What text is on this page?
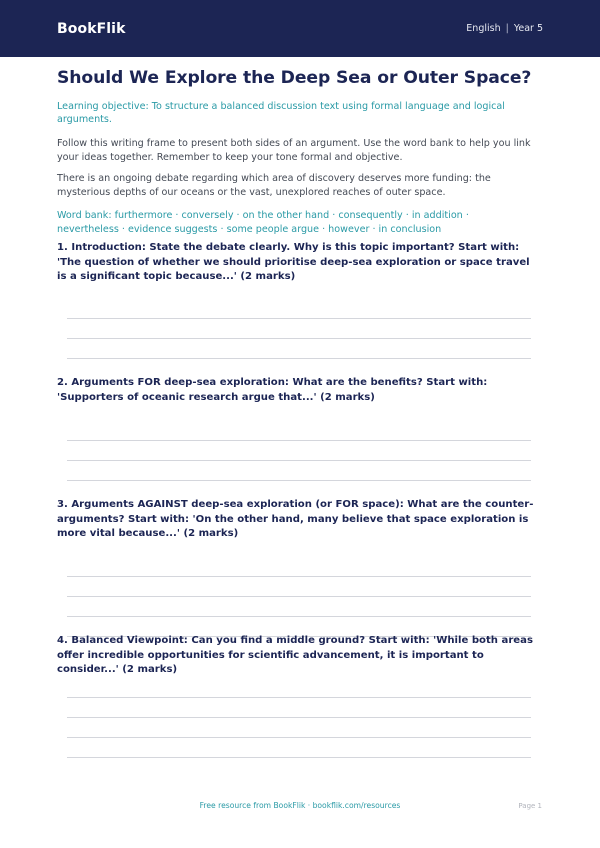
BookFlik	English | Year 5
Should We Explore the Deep Sea or Outer Space?

Learning objective: To structure a balanced discussion text using formal language and logical arguments.

Follow this writing frame to present both sides of an argument. Use the word bank to help you link your ideas together. Remember to keep your tone formal and objective.

There is an ongoing debate regarding which area of discovery deserves more funding: the mysterious depths of our oceans or the vast, unexplored reaches of outer space.

Word bank: furthermore · conversely · on the other hand · consequently · in addition · nevertheless · evidence suggests · some people argue · however · in conclusion

1. Introduction: State the debate clearly. Why is this topic important? Start with: 'The question of whether we should prioritise deep-sea exploration or space travel is a significant topic because...' (2 marks)

2. Arguments FOR deep-sea exploration: What are the benefits? Start with: 'Supporters of oceanic research argue that...' (2 marks)

3. Arguments AGAINST deep-sea exploration (or FOR space): What are the counter-arguments? Start with: 'On the other hand, many believe that space exploration is more vital because...' (2 marks)

4. Balanced Viewpoint: Can you find a middle ground? Start with: 'While both areas offer incredible opportunities for scientific advancement, it is important to consider...' (2 marks)

Free resource from BookFlik · bookflik.com/resources	Page 1
